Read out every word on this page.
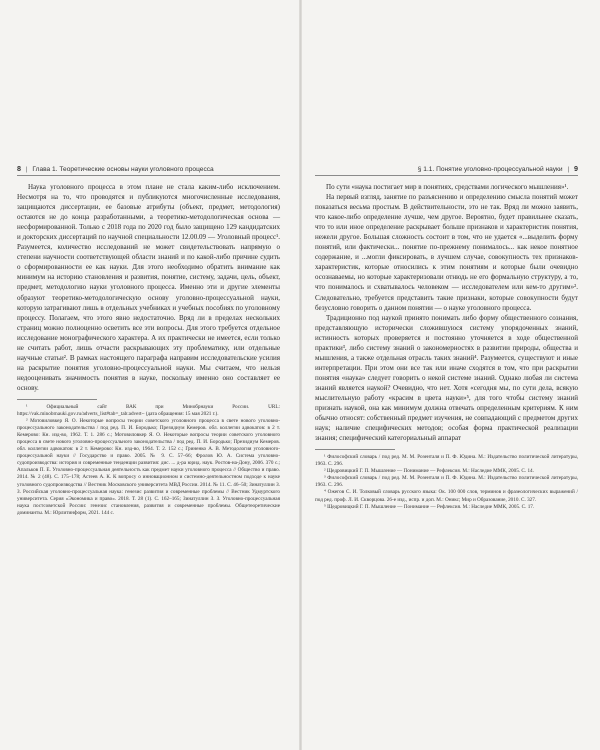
8 | Глава 1. Теоретические основы науки уголовного процесса

Наука уголовного процесса в этом плане не стала каким-либо исключением. Несмотря на то, что проводятся и публикуются многочисленные исследования, защищаются диссертации, ее базовые атрибуты (объект, предмет, методология) остаются не до конца разработанными, а теоретико-методологическая основа — несформированной. Только с 2018 года по 2020 год было защищено 129 кандидатских и докторских диссертаций по научной специальности 12.00.09 — Уголовный процесс¹. Разумеется, количество исследований не может свидетельствовать напрямую о степени научности соответствующей области знаний и по какой-либо причине судить о сформированности ее как науки. Для этого необходимо обратить внимание как минимум на историю становления и развития, понятие, систему, задачи, цель, объект, предмет, методологию науки уголовного процесса. Именно эти и другие элементы образуют теоретико-методологическую основу уголовно-процессуальной науки, которую затрагивают лишь в отдельных учебниках и учебных пособиях по уголовному процессу. Полагаем, что этого явно недостаточно. Вряд ли в пределах нескольких страниц можно полноценно осветить все эти вопросы. Для этого требуется отдельное исследование монографического характера. А их практически не имеется, если только не считать работ, лишь отчасти раскрывающих эту проблематику, или отдельные научные статьи². В рамках настоящего параграфа направим исследовательские усилия на раскрытие понятия уголовно-процессуальной науки. Мы считаем, что нельзя недооценивать значимость понятия в науке, поскольку именно оно составляет ее основу.

¹ Официальный сайт ВАК при Минобрнауки России. URL: https://vak.minobrnauki.gov.ru/adverts_list#tab=_tab:advert~ (дата обращения: 15 мая 2021 г.).

² Мотовиловкер Я. О. Некоторые вопросы теории советского уголовного процесса в свете нового уголовно-процессуального законодательства / под ред. П. И. Бородько; Президиум Кемеров. обл. коллегии адвокатов: в 2 т. Кемерово: Кн. изд-во, 1962. Т. 1. 286 с.; Мотовиловкер Я. О. Некоторые вопросы теории советского уголовного процесса в свете нового уголовно-процессуального законодательства / под ред. П. И. Бородько; Президиум Кемеров. обл. коллегии адвокатов: в 2 т. Кемерово: Кн. изд-во, 1964. Т. 2. 152 с.; Гриненко А. В. Методология уголовного-процессуальной науки // Государство и право. 2005. № 9. С. 57–66; Фролов Ю. А. Система уголовно-судопроизводства: история и современные тенденции развития: дис. ... д-ра юрид. наук. Ростов-на-Дону, 2006. 370 с.; Апальков П. Е. Уголовно-процессуальная деятельность как предмет науки уголовного процесса // Общество и право. 2014. № 2 (48). С. 175–178; Астеев А. К. К вопросу о инновационном и системно-деятельностном подходе к науке уголовного судопроизводства // Вестник Московского университета МВД России. 2014. № 11. С. 46–50; Зинатуллин З. З. Российская уголовно-процессуальная наука: генезис развития и современные проблемы // Вестник Удмуртского университета. Серия «Экономика и право». 2018. Т. 28 (1). С. 162–165; Зинатуллин З. З. Уголовно-процессуальная наука постсоветской России: генезис становления, развития и современные проблемы. Общетеоретические доминанты. М.: Юрлитинформ, 2021. 144 с.

§ 1.1. Понятие уголовно-процессуальной науки | 9

По сути «наука постигает мир в понятиях, средствами логического мышления»¹.

На первый взгляд, занятие по разъяснению и определению смысла понятий может показаться весьма простым. В действительности, это не так. Вряд ли можно заявить, что какое-либо определение лучше, чем другое. Вероятно, будет правильнее сказать, что то или иное определение раскрывает больше признаков и характеристик понятия, нежели другое. Большая сложность состоит в том, что не удается «...выделить форму понятий, или фактически... понятие по-прежнему понималось... как некое понятное содержание, и ...могли фиксировать, в лучшем случае, совокупность тех признаков-характеристик, которые относились к этим понятиям и которые были очевидно осознаваемы, но которые характеризовали отнюдь не его формальную структуру, а то, что понималось и схватывалось человеком — исследователем или кем-то другим»². Следовательно, требуется представить такие признаки, которые совокупности будут безусловно говорить о данном понятии — о науке уголовного процесса.

Традиционно под наукой принято понимать либо форму общественного сознания, представляющую исторически сложившуюся систему упорядоченных знаний, истинность которых проверяется и постоянно уточняется в ходе общественной практики³, либо систему знаний о закономерностях в развитии природы, общества и мышления, а также отдельная отрасль таких знаний⁴. Разумеется, существуют и иные интерпретации. При этом они все так или иначе сходятся в том, что при раскрытии понятия «наука» следует говорить о некой системе знаний. Однако любая ли система знаний является наукой? Очевидно, что нет. Хотя «сегодня мы, по сути дела, всякую мыслительную работу «красим в цвета науки»⁵, для того чтобы систему знаний признать наукой, она как минимум должна отвечать определенным критериям. К ним обычно относят: собственный предмет изучения, не совпадающий с предметом других наук; наличие специфических методов; особая форма практической реализации знания; специфический категориальный аппарат

¹ Философский словарь / под ред. М. М. Розенталя и П. Ф. Юдина. М.: Издательство политической литературы, 1963. С. 296.

² Щедровицкий Г. П. Мышление — Понимание — Рефлексия. М.: Наследие ММК, 2005. С. 14.

³ Философский словарь / под ред. М. М. Розенталя и П. Ф. Юдина. М.: Издательство политической литературы, 1963. С. 296.

⁴ Ожегов С. И. Толковый словарь русского языка: Ок. 100 000 слов, терминов и фразеологических выражений / под ред. проф. Л. И. Скворцова. 26-е изд., испр. и доп. М.: Оникс; Мир и Образование, 2010. С. 327.

⁵ Щедровицкий Г. П. Мышление — Понимание — Рефлексия. М.: Наследие ММК, 2005. С. 17.
